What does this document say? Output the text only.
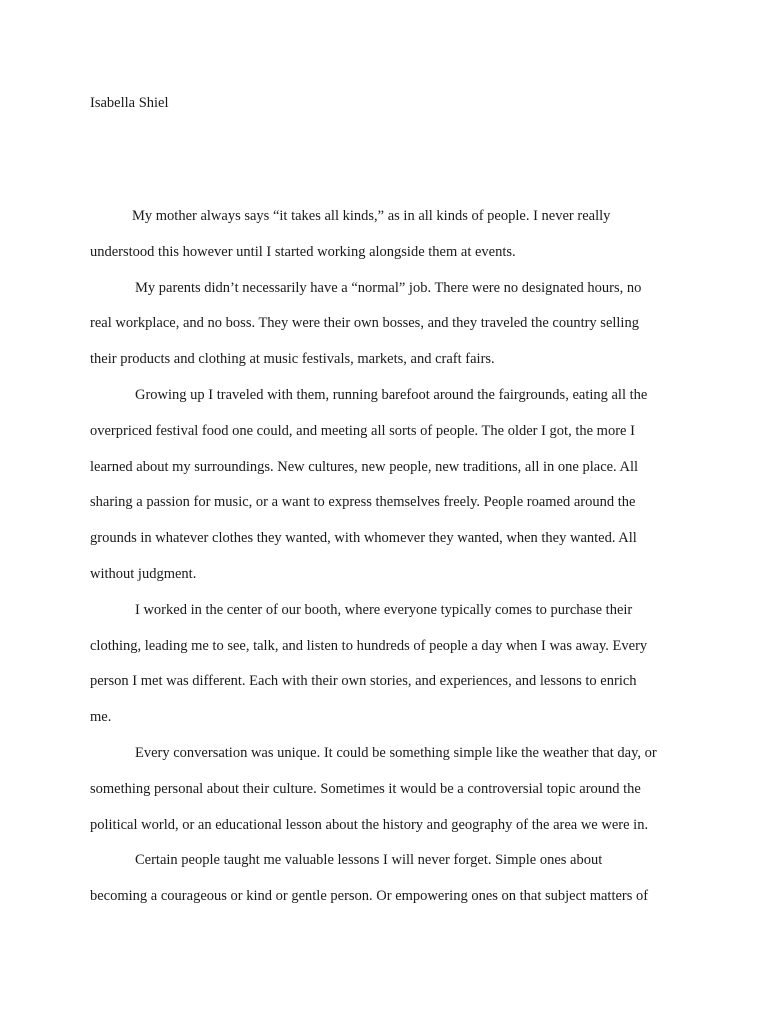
Isabella Shiel

My mother always says “it takes all kinds,” as in all kinds of people. I never really
understood this however until I started working alongside them at events.

My parents didn’t necessarily have a “normal” job. There were no designated hours, no
real workplace, and no boss. They were their own bosses, and they traveled the country selling
their products and clothing at music festivals, markets, and craft fairs.

Growing up I traveled with them, running barefoot around the fairgrounds, eating all the
overpriced festival food one could, and meeting all sorts of people. The older I got, the more I
learned about my surroundings. New cultures, new people, new traditions, all in one place. All
sharing a passion for music, or a want to express themselves freely. People roamed around the
grounds in whatever clothes they wanted, with whomever they wanted, when they wanted. All
without judgment.

I worked in the center of our booth, where everyone typically comes to purchase their
clothing, leading me to see, talk, and listen to hundreds of people a day when I was away. Every
person I met was different. Each with their own stories, and experiences, and lessons to enrich
me.

Every conversation was unique. It could be something simple like the weather that day, or
something personal about their culture. Sometimes it would be a controversial topic around the
political world, or an educational lesson about the history and geography of the area we were in.

Certain people taught me valuable lessons I will never forget. Simple ones about
becoming a courageous or kind or gentle person. Or empowering ones on that subject matters of
